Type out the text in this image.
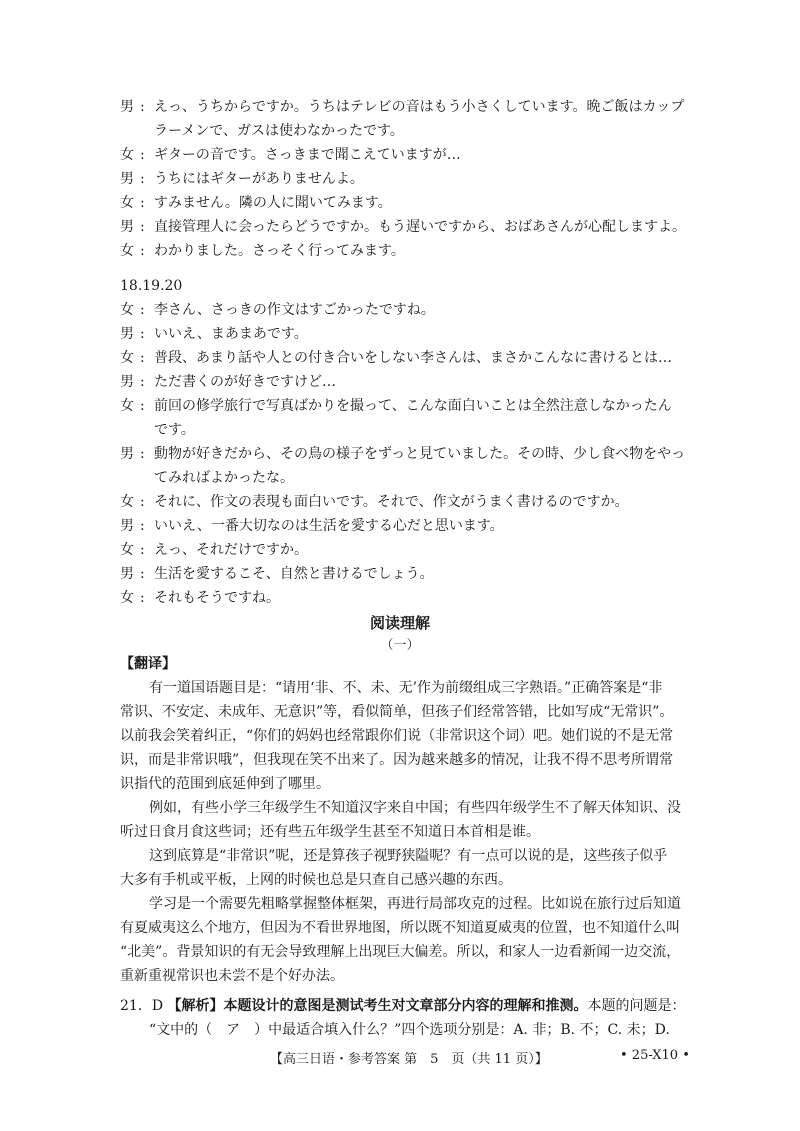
男 : えっ、うちからですか。うちはテレビの音はもう小さくしています。晩ご飯はカップ
ラーメンで、ガスは使わなかったです。
女 : ギターの音です。さっきまで聞こえていますが…
男 : うちにはギターがありませんよ。
女 : すみません。隣の人に聞いてみます。
男 : 直接管理人に会ったらどうですか。もう遅いですから、おばあさんが心配しますよ。
女 : わかりました。さっそく行ってみます。
18.19.20
女 : 李さん、さっきの作文はすごかったですね。
男 : いいえ、まあまあです。
女 : 普段、あまり話や人との付き合いをしない李さんは、まさかこんなに書けるとは…
男 : ただ書くのが好きですけど…
女 : 前回の修学旅行で写真ばかりを撮って、こんな面白いことは全然注意しなかったん
です。
男 : 動物が好きだから、その鳥の様子をずっと見ていました。その時、少し食べ物をやっ
てみればよかったな。
女 : それに、作文の表現も面白いです。それで、作文がうまく書けるのですか。
男 : いいえ、一番大切なのは生活を愛する心だと思います。
女 : えっ、それだけですか。
男 : 生活を愛するこそ、自然と書けるでしょう。
女 : それもそうですね。
阅读理解
（一）
【翻译】
有一道国语题目是：“请用‘非、不、未、无’作为前缀组成三字熟语。”正确答案是“非
常识、不安定、未成年、无意识”等，看似简单，但孩子们经常答错，比如写成“无常识”。
以前我会笑着纠正，“你们的妈妈也经常跟你们说（非常识这个词）吧。她们说的不是无常
识，而是非常识哦”，但我现在笑不出来了。因为越来越多的情况，让我不得不思考所谓常
识指代的范围到底延伸到了哪里。
例如，有些小学三年级学生不知道汉字来自中国；有些四年级学生不了解天体知识、没
听过日食月食这些词；还有些五年级学生甚至不知道日本首相是谁。
这到底算是“非常识”呢，还是算孩子视野狭隘呢？有一点可以说的是，这些孩子似乎
大多有手机或平板，上网的时候也总是只查自己感兴趣的东西。
学习是一个需要先粗略掌握整体框架，再进行局部攻克的过程。比如说在旅行过后知道
有夏威夷这么个地方，但因为不看世界地图，所以既不知道夏威夷的位置，也不知道什么叫
“北美”。背景知识的有无会导致理解上出现巨大偏差。所以，和家人一边看新闻一边交流，
重新重视常识也未尝不是个好办法。
21．D 【解析】本题设计的意图是测试考生对文章部分内容的理解和推测。本题的问题是：
“文中的（　ア　）中最适合填入什么？”四个选项分别是：A. 非；B. 不；C. 未；D.
【高三日语・参考答案 第　5　页（共 11 页）】	• 25-X10 •
